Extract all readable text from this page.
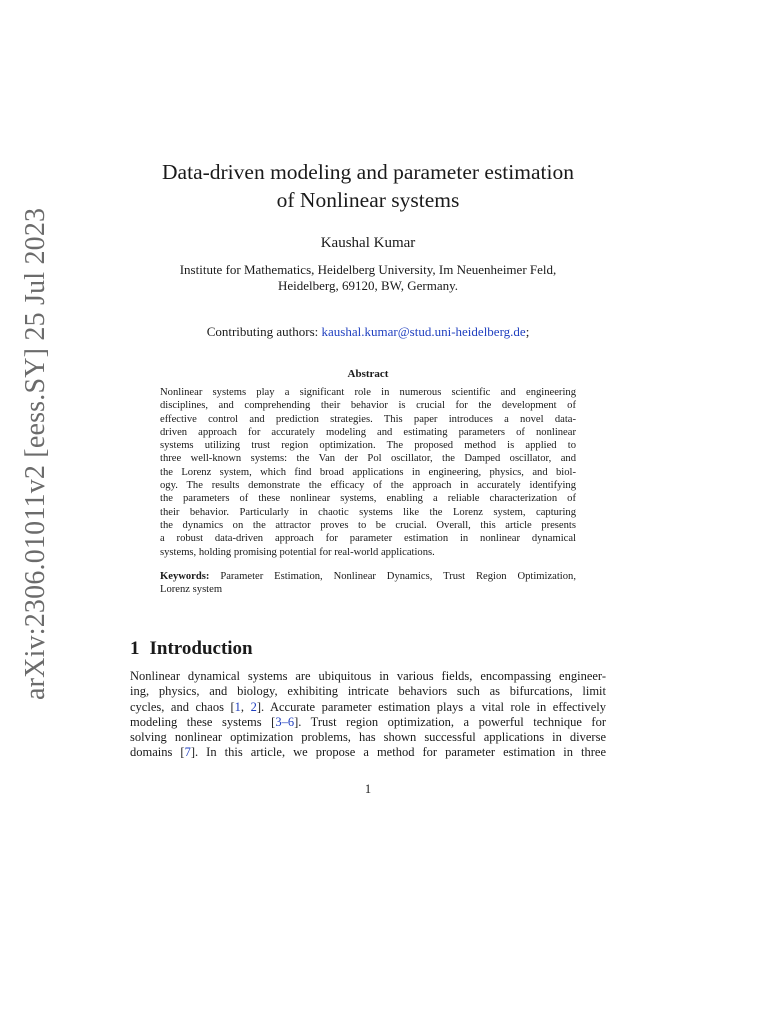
arXiv:2306.01011v2 [eess.SY] 25 Jul 2023
Data-driven modeling and parameter estimation
of Nonlinear systems
Kaushal Kumar
Institute for Mathematics, Heidelberg University, Im Neuenheimer Feld,
Heidelberg, 69120, BW, Germany.
Contributing authors: kaushal.kumar@stud.uni-heidelberg.de;
Abstract
Nonlinear systems play a significant role in numerous scientific and engineering
disciplines, and comprehending their behavior is crucial for the development of
effective control and prediction strategies. This paper introduces a novel data-
driven approach for accurately modeling and estimating parameters of nonlinear
systems utilizing trust region optimization. The proposed method is applied to
three well-known systems: the Van der Pol oscillator, the Damped oscillator, and
the Lorenz system, which find broad applications in engineering, physics, and biol-
ogy. The results demonstrate the efficacy of the approach in accurately identifying
the parameters of these nonlinear systems, enabling a reliable characterization of
their behavior. Particularly in chaotic systems like the Lorenz system, capturing
the dynamics on the attractor proves to be crucial. Overall, this article presents
a robust data-driven approach for parameter estimation in nonlinear dynamical
systems, holding promising potential for real-world applications.
Keywords: Parameter Estimation, Nonlinear Dynamics, Trust Region Optimization,
Lorenz system
1 Introduction
Nonlinear dynamical systems are ubiquitous in various fields, encompassing engineer-
ing, physics, and biology, exhibiting intricate behaviors such as bifurcations, limit
cycles, and chaos [1, 2]. Accurate parameter estimation plays a vital role in effectively
modeling these systems [3–6]. Trust region optimization, a powerful technique for
solving nonlinear optimization problems, has shown successful applications in diverse
domains [7]. In this article, we propose a method for parameter estimation in three
1
